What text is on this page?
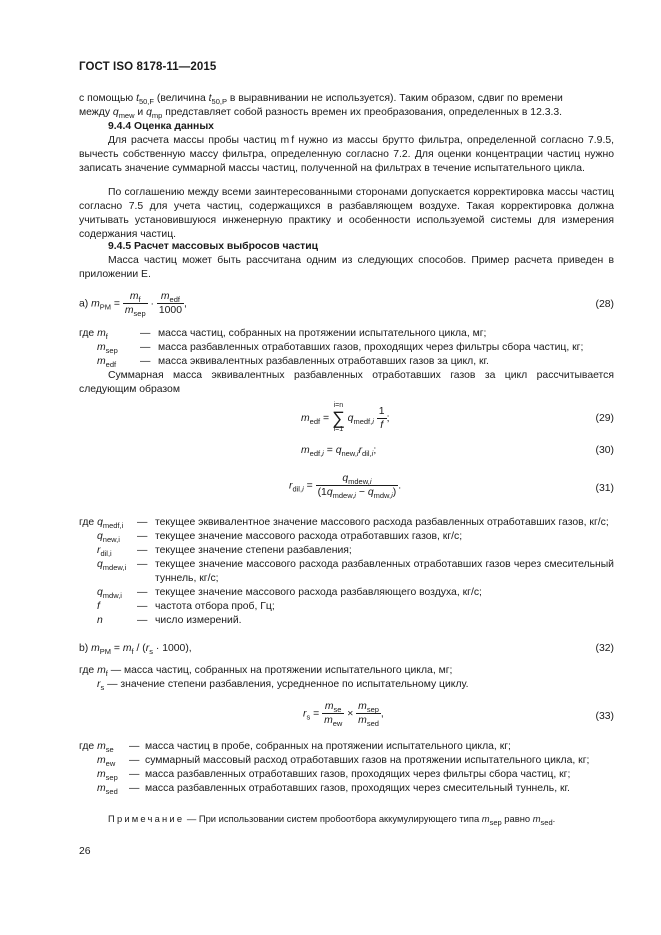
ГОСТ ISO 8178-11—2015
с помощью $t_{50,F}$ (величина $t_{50,P}$ в выравнивании не используется). Таким образом, сдвиг по времени
между $q_{mew}$ и $q_{mp}$ представляет собой разность времен их преобразования, определенных в 12.3.3.
9.4.4 Оценка данных
Для расчета массы пробы частиц m f нужно из массы брутто фильтра, определенной согласно 7.9.5, вычесть собственную массу фильтра, определенную согласно 7.2. Для оценки концентрации частиц нужно записать значение суммарной массы частиц, полученной на фильтрах в течение испытательного цикла.
По соглашению между всеми заинтересованными сторонами допускается корректировка массы частиц согласно 7.5 для учета частиц, содержащихся в разбавляющем воздухе. Такая корректировка должна учитывать установившуюся инженерную практику и особенности используемой системы для измерения содержания частиц.
9.4.5 Расчет массовых выбросов частиц
Масса частиц может быть рассчитана одним из следующих способов. Пример расчета приведен в приложении Е.
а) $m_{PM} = \frac{m_f}{m_{sep}} \cdot \frac{m_{edf}}{1000}$ ,	(28)
где $m_f$	— масса частиц, собранных на протяжении испытательного цикла, мг;
$m_{sep}$ — масса разбавленных отработавших газов, проходящих через фильтры сбора частиц, кг;
$m_{edf}$ — масса эквивалентных разбавленных отработавших газов за цикл, кг.
Суммарная масса эквивалентных разбавленных отработавших газов за цикл рассчитывается следующим образом
$m_{edf} = i=n$
∑
i=1 $q_{medf,i} \frac{1}{f}$ ;	(29)
$m_{edf,i} = q_{new,i}r_{dil,i}$;	(30)
$r_{dil,i} = \frac{q_{mdew,i}}{(1q_{mdew,i} - q_{mdw,i})}$ .	(31)
где $q_{medf,i}$ — текущее эквивалентное значение массового расхода разбавленных отработавших газов, кг/с;
$q_{new,i}$ — текущее значение массового расхода отработавших газов, кг/с;
$r_{dil,i}$ — текущее значение степени разбавления;
$q_{mdew,i}$ — текущее значение массового расхода разбавленных отработавших газов через смесительный туннель, кг/с;
$q_{mdw,i}$ — текущее значение массового расхода разбавляющего воздуха, кг/с;
f	— частота отбора проб, Гц;
n	— число измерений.
b) $m_{PM} = m_f / (r_s \cdot 1000)$,	(32)
где $m_f$ — масса частиц, собранных на протяжении испытательного цикла, мг;
$r_s$ — значение степени разбавления, усредненное по испытательному циклу.
$r_s = \frac{m_{se}}{m_{ew}} \times \frac{m_{sep}}{m_{sed}}$ ,	(33)
где $m_{se}$ — масса частиц в пробе, собранных на протяжении испытательного цикла, кг;
$m_{ew}$ — суммарный массовый расход отработавших газов на протяжении испытательного цикла, кг;
$m_{sep}$ — масса разбавленных отработавших газов, проходящих через фильтры сбора частиц, кг;
$m_{sed}$ — масса разбавленных отработавших газов, проходящих через смесительный туннель, кг.
Примечание — При использовании систем пробоотбора аккумулирующего типа $m_{sep}$ равно $m_{sed}$.
26
